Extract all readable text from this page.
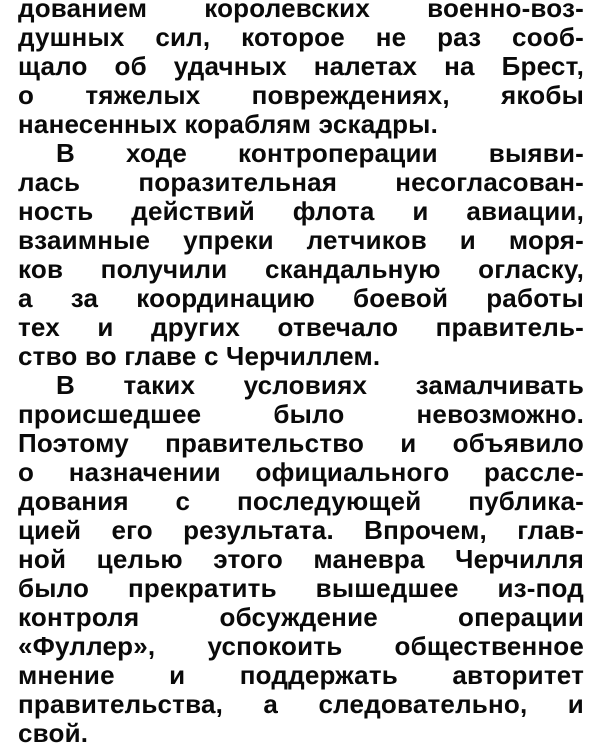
дованием королевских военно-воз-
душных сил, которое не раз сооб-
щало об удачных налетах на Брест,
о тяжелых повреждениях, якобы
нанесенных кораблям эскадры.
В ходе контроперации выяви-
лась поразительная несогласован-
ность действий флота и авиации,
взаимные упреки летчиков и моря-
ков получили скандальную огласку,
а за координацию боевой работы
тех и других отвечало правитель-
ство во главе с Черчиллем.
В таких условиях замалчивать
происшедшее было невозможно.
Поэтому правительство и объявило
о назначении официального рассле-
дования с последующей публика-
цией его результата. Впрочем, глав-
ной целью этого маневра Черчилля
было прекратить вышедшее из-под
контроля обсуждение операции
«Фуллер», успокоить общественное
мнение и поддержать авторитет
правительства, а следовательно, и
свой.
